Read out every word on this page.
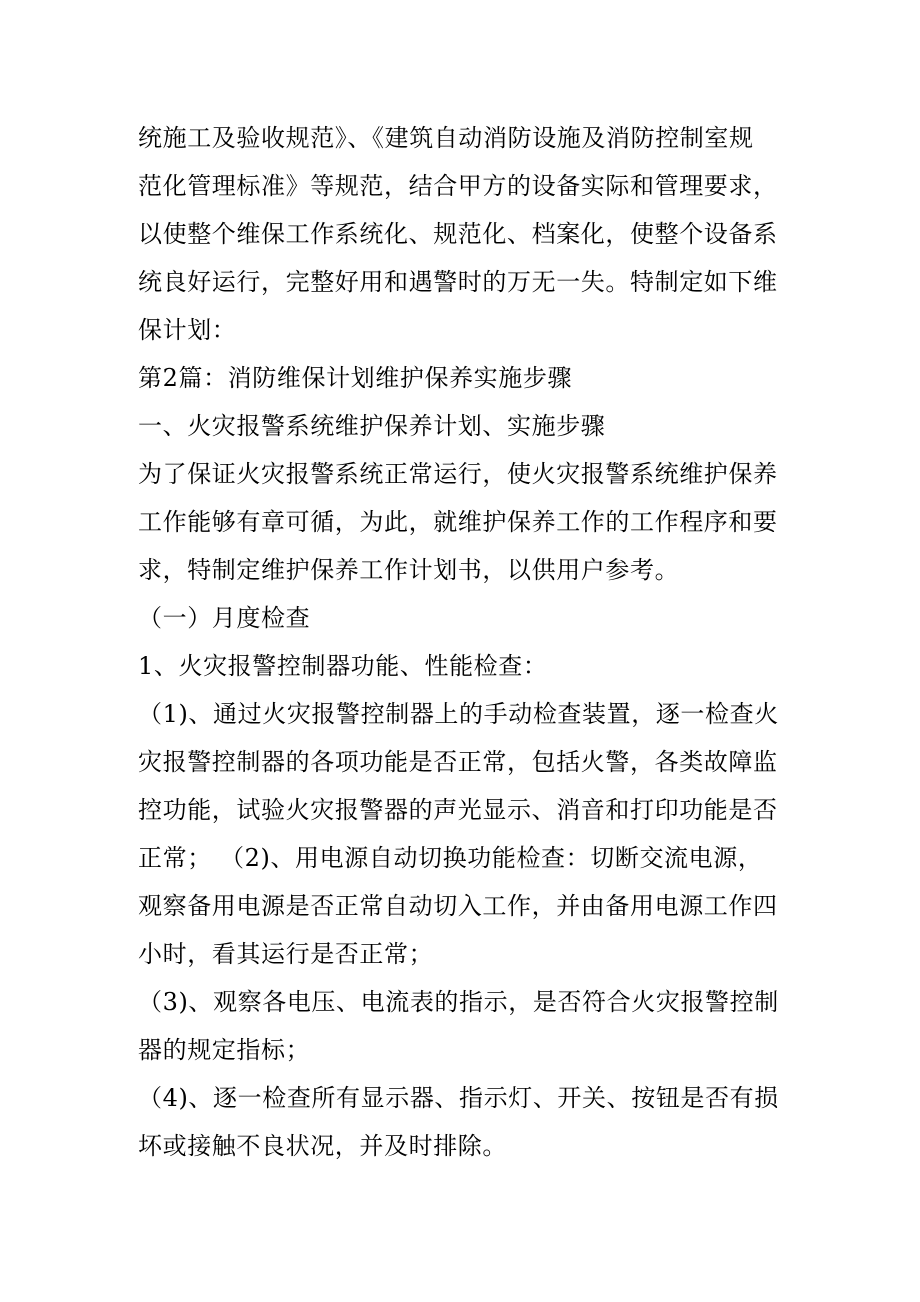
统施工及验收规范》、《建筑自动消防设施及消防控制室规
范化管理标准》等规范，结合甲方的设备实际和管理要求，
以使整个维保工作系统化、规范化、档案化，使整个设备系
统良好运行，完整好用和遇警时的万无一失。特制定如下维
保计划：
第2篇：消防维保计划维护保养实施步骤
一、火灾报警系统维护保养计划、实施步骤
为了保证火灾报警系统正常运行，使火灾报警系统维护保养
工作能够有章可循，为此，就维护保养工作的工作程序和要
求，特制定维护保养工作计划书，以供用户参考。
（一）月度检查
1、火灾报警控制器功能、性能检查：
（1)、通过火灾报警控制器上的手动检查装置，逐一检查火
灾报警控制器的各项功能是否正常，包括火警，各类故障监
控功能，试验火灾报警器的声光显示、消音和打印功能是否
正常； （2)、用电源自动切换功能检查：切断交流电源，
观察备用电源是否正常自动切入工作，并由备用电源工作四
小时，看其运行是否正常；
（3)、观察各电压、电流表的指示，是否符合火灾报警控制
器的规定指标；
（4)、逐一检查所有显示器、指示灯、开关、按钮是否有损
坏或接触不良状况，并及时排除。
